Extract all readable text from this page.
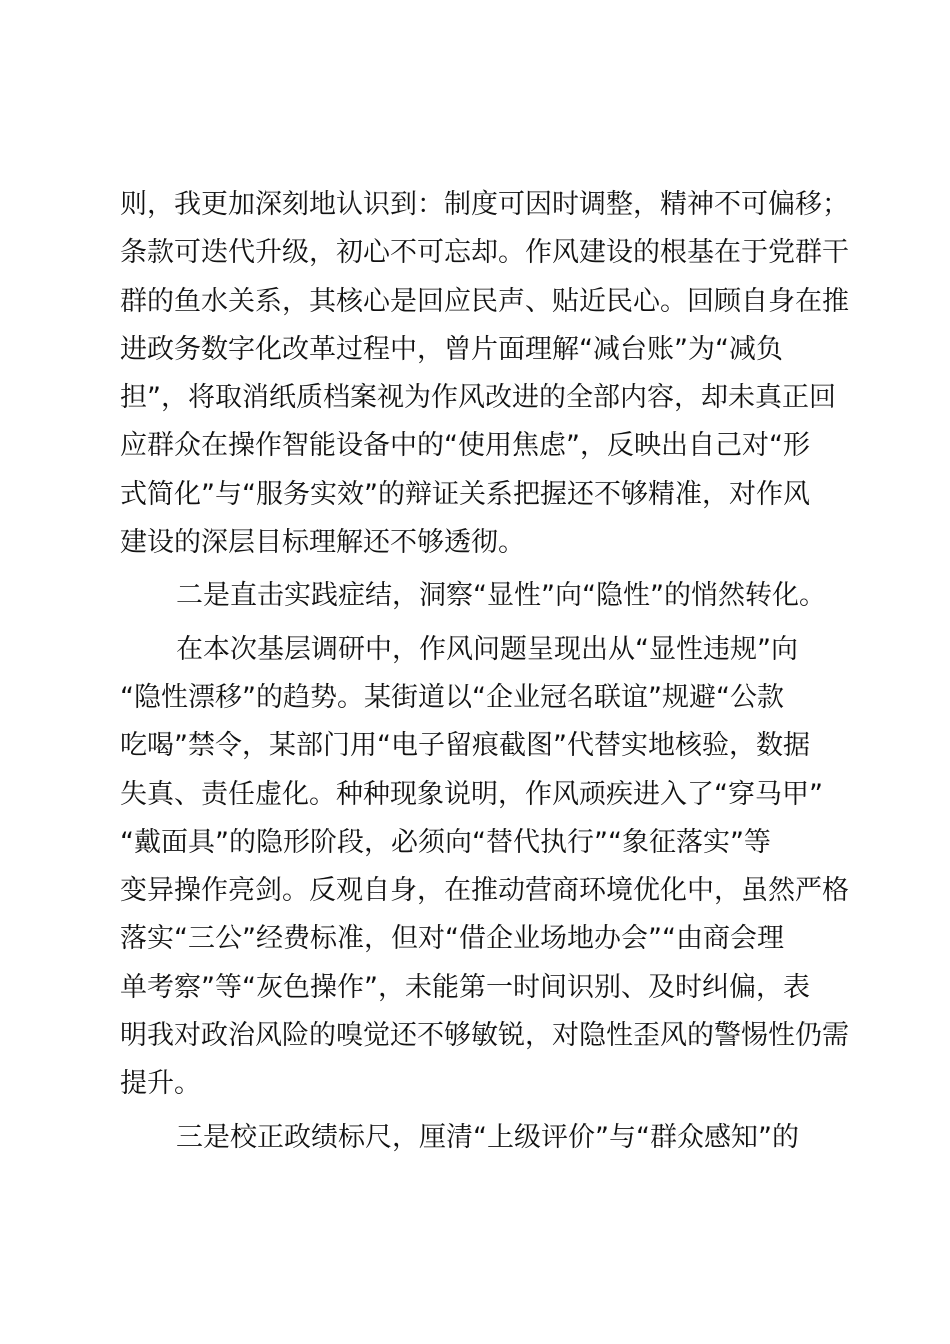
则，我更加深刻地认识到：制度可因时调整，精神不可偏移；
条款可迭代升级，初心不可忘却。作风建设的根基在于党群干
群的鱼水关系，其核心是回应民声、贴近民心。回顾自身在推
进政务数字化改革过程中，曾片面理解“减台账”为“减负
担”，将取消纸质档案视为作风改进的全部内容，却未真正回
应群众在操作智能设备中的“使用焦虑”，反映出自己对“形
式简化”与“服务实效”的辩证关系把握还不够精准，对作风
建设的深层目标理解还不够透彻。
二是直击实践症结，洞察“显性”向“隐性”的悄然转化。
在本次基层调研中，作风问题呈现出从“显性违规”向
“隐性漂移”的趋势。某街道以“企业冠名联谊”规避“公款
吃喝”禁令，某部门用“电子留痕截图”代替实地核验，数据
失真、责任虚化。种种现象说明，作风顽疾进入了“穿马甲”
“戴面具”的隐形阶段，必须向“替代执行”“象征落实”等
变异操作亮剑。反观自身，在推动营商环境优化中，虽然严格
落实“三公”经费标准，但对“借企业场地办会”“由商会理
单考察”等“灰色操作”，未能第一时间识别、及时纠偏，表
明我对政治风险的嗅觉还不够敏锐，对隐性歪风的警惕性仍需
提升。
三是校正政绩标尺，厘清“上级评价”与“群众感知”的
